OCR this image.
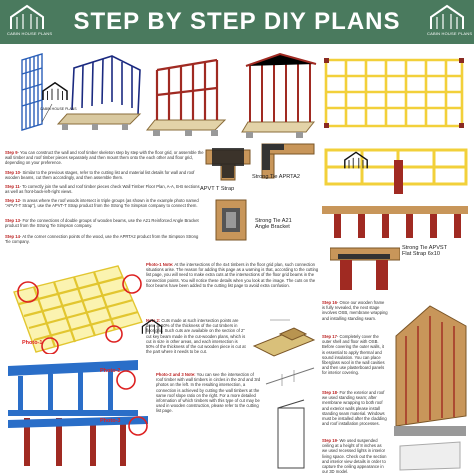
CABIN HOUSE PLANS STEP BY STEP DIY PLANS	CABIN HOUSE PLANS
CABIN HOUSE PLANS
Step 9- You can construct the wall and roof timber skeleton step by step with the floor grid, or assemble the wall timber and roof timber pieces separately and then mount them onto the each other and floor grid, depending on your preference.
Step 10- Similar to the previous stages, refer to the cutting list and material list details for wall and roof wooden beams, cut them accordingly, and then assemble them.
Step 11- To correctly join the wall and roof timber pieces check Wall Timber Floor Plan, A-A, B-B sections as well as front-back-left-right views.
Step 12- In areas where the roof woods intersect in triple groups (as shown in the example photo named "APVT-T Strap"), use the APVT-T Strap product from the Strong Tie Simpson company to connect them.
Step 13- For the connections of double groups of wooden beams, use the A21 Reinforced Angle Bracket product from the Strong Tie Simpson company.
Step 14- At the corner connection points of the wood, use the APRTA2 product from the Simpson Strong Tie company.
APVT T Strap
Strong Tie APRTA2
Strong Tie A21
Angle Bracket
Strong Tie APVST
Flat Strap 6x10
Photo-1
Photo-1 Note: At the intersections of the 4x4 timbers in the floor grid plan, such connection situations arise. The reason for adding this page as a warning is that, according to the cutting list page, you will need to make extra cuts at the intersections of the floor grid beams in the connection points. You will notice these details when you look at the image. The cuts on the floor beams have been added to the cutting list page to avoid extra confusion.
Note 2: Cuts made at such intersection points are done at 50% of the thickness of the cut timbers in floor grid. Such cuts are available on the section of 2" cut key beam made in the cut-wooden plans, which is cut in size in other areas, and each intersection is 50% of the thickness of the cut wooden piece is cut at the part where it needs to be cut.
Photo-2
Photo-3
Photo-2 and 3 Note: You can see the intersection of roof timber with wall timbers in circles in the 2nd and 3rd photos on the left. In the resulting intersection, a connection is achieved by cutting the wall timbers at the same roof slope ratio on the right. For a more detailed information of which timbers with this type of cut may be used in wooden construction, please refer to the cutting list page.
Step 16- Once our wooden frame is fully revealed, the next stage involves OSB, membrane wrapping and installing standing seam.
Step 17- Completely cover the outer shell and floor with OSB. Before covering the outer walls, it is essential to apply thermal and sound insulation. You can place fiberglass wool in the wall cavities and then use plasterboard panels for interior covering.
Step 18- For the exterior and roof we used standing seam; after membrane wrapping to both roof and exterior walls please install standing seam material. Windows must be installed after the cladding and roof installation processes.
Step 19- We used suspended ceiling at a height of 8 inches as we used recessed lights in interior living space. Check out the section and interior view details in order to capture the ceiling appearance in our 3D model.
